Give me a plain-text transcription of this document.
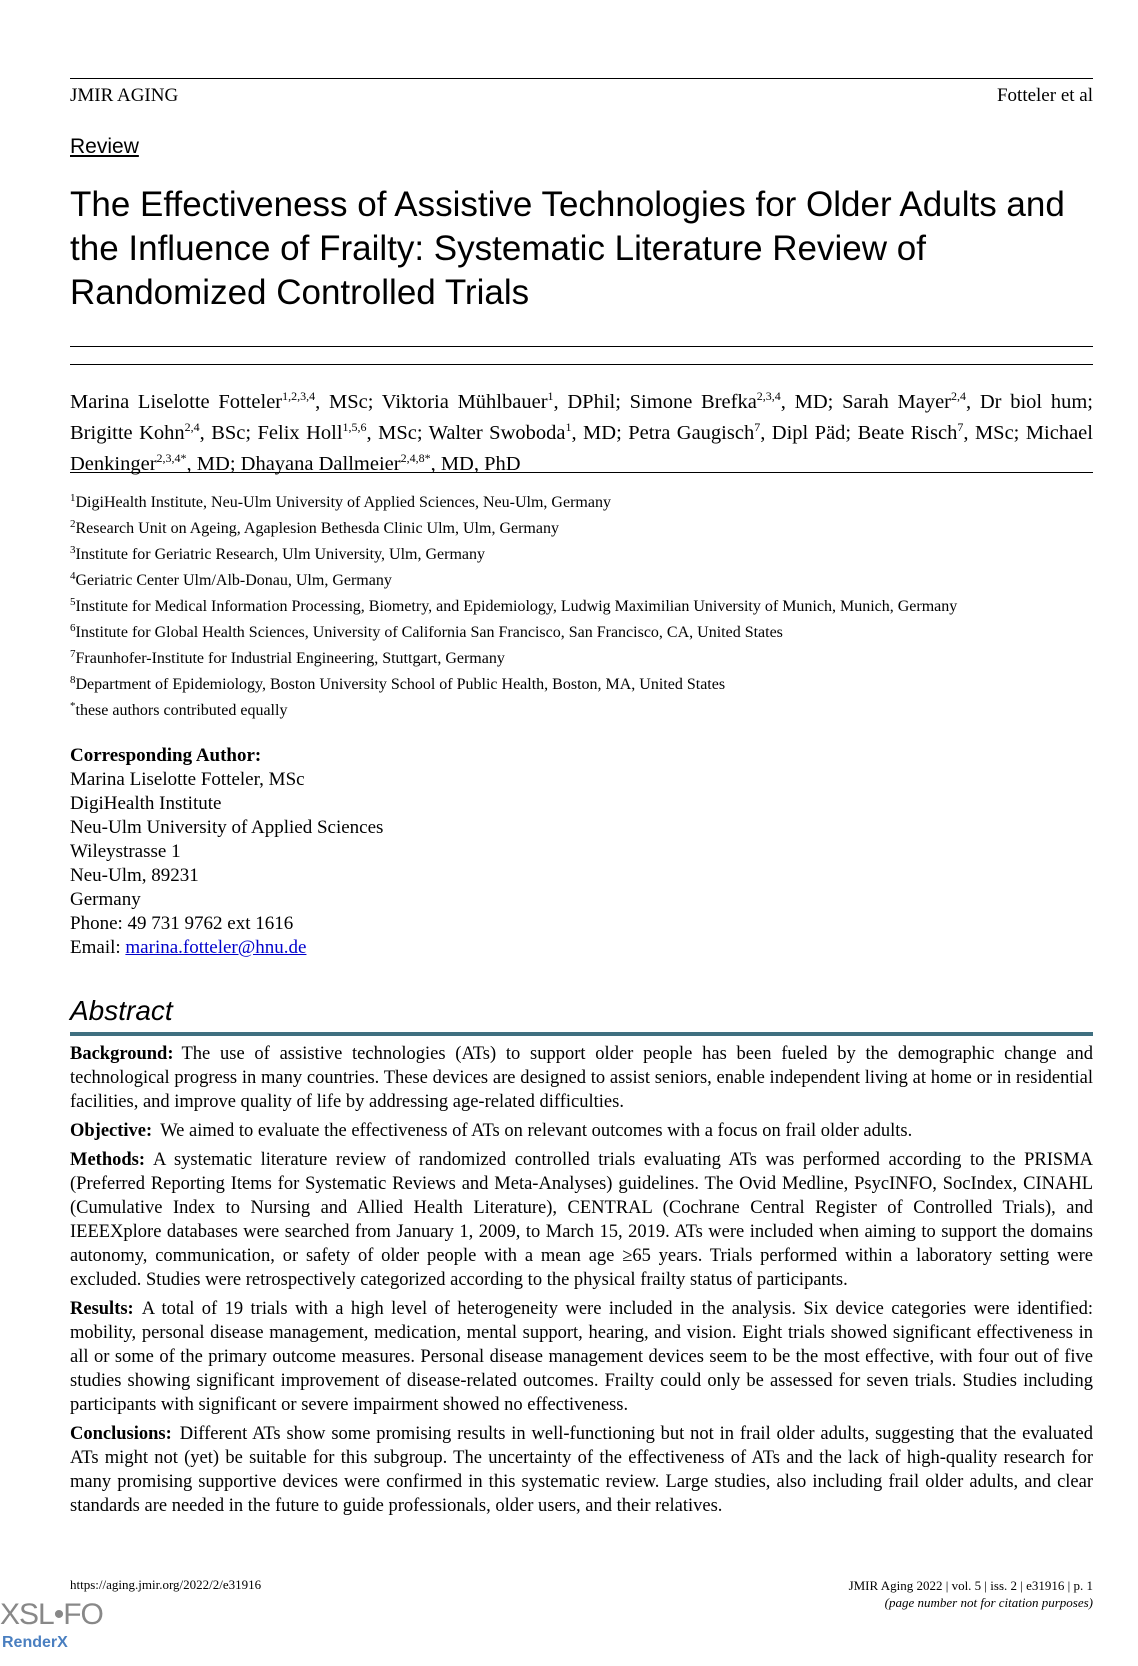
JMIR AGING	Fotteler et al
Review
The Effectiveness of Assistive Technologies for Older Adults and the Influence of Frailty: Systematic Literature Review of Randomized Controlled Trials
Marina Liselotte Fotteler$^{1,2,3,4}$, MSc; Viktoria Mühlbauer$^1$, DPhil; Simone Brefka$^{2,3,4}$, MD; Sarah Mayer$^{2,4}$, Dr biol hum; Brigitte Kohn$^{2,4}$, BSc; Felix Holl$^{1,5,6}$, MSc; Walter Swoboda$^1$, MD; Petra Gaugisch$^7$, Dipl Päd; Beate Risch$^7$, MSc; Michael Denkinger$^{2,3,4*}$, MD; Dhayana Dallmeier$^{2,4,8*}$, MD, PhD
$^1$DigiHealth Institute, Neu-Ulm University of Applied Sciences, Neu-Ulm, Germany
$^2$Research Unit on Ageing, Agaplesion Bethesda Clinic Ulm, Ulm, Germany
$^3$Institute for Geriatric Research, Ulm University, Ulm, Germany
$^4$Geriatric Center Ulm/Alb-Donau, Ulm, Germany
$^5$Institute for Medical Information Processing, Biometry, and Epidemiology, Ludwig Maximilian University of Munich, Munich, Germany
$^6$Institute for Global Health Sciences, University of California San Francisco, San Francisco, CA, United States
$^7$Fraunhofer-Institute for Industrial Engineering, Stuttgart, Germany
$^8$Department of Epidemiology, Boston University School of Public Health, Boston, MA, United States
*these authors contributed equally
Corresponding Author:
Marina Liselotte Fotteler, MSc
DigiHealth Institute
Neu-Ulm University of Applied Sciences
Wileystrasse 1
Neu-Ulm, 89231
Germany
Phone: 49 731 9762 ext 1616
Email: marina.fotteler@hnu.de
Abstract

Background: The use of assistive technologies (ATs) to support older people has been fueled by the demographic change and technological progress in many countries. These devices are designed to assist seniors, enable independent living at home or in residential facilities, and improve quality of life by addressing age-related difficulties.

Objective: We aimed to evaluate the effectiveness of ATs on relevant outcomes with a focus on frail older adults.

Methods: A systematic literature review of randomized controlled trials evaluating ATs was performed according to the PRISMA (Preferred Reporting Items for Systematic Reviews and Meta-Analyses) guidelines. The Ovid Medline, PsycINFO, SocIndex, CINAHL (Cumulative Index to Nursing and Allied Health Literature), CENTRAL (Cochrane Central Register of Controlled Trials), and IEEEXplore databases were searched from January 1, 2009, to March 15, 2019. ATs were included when aiming to support the domains autonomy, communication, or safety of older people with a mean age ≥65 years. Trials performed within a laboratory setting were excluded. Studies were retrospectively categorized according to the physical frailty status of participants.

Results: A total of 19 trials with a high level of heterogeneity were included in the analysis. Six device categories were identified: mobility, personal disease management, medication, mental support, hearing, and vision. Eight trials showed significant effectiveness in all or some of the primary outcome measures. Personal disease management devices seem to be the most effective, with four out of five studies showing significant improvement of disease-related outcomes. Frailty could only be assessed for seven trials. Studies including participants with significant or severe impairment showed no effectiveness.

Conclusions: Different ATs show some promising results in well-functioning but not in frail older adults, suggesting that the evaluated ATs might not (yet) be suitable for this subgroup. The uncertainty of the effectiveness of ATs and the lack of high-quality research for many promising supportive devices were confirmed in this systematic review. Large studies, also including frail older adults, and clear standards are needed in the future to guide professionals, older users, and their relatives.

https://aging.jmir.org/2022/2/e31916	JMIR Aging 2022 | vol. 5 | iss. 2 | e31916 | p. 1
(page number not for citation purposes)
XSL•FO
RenderX
